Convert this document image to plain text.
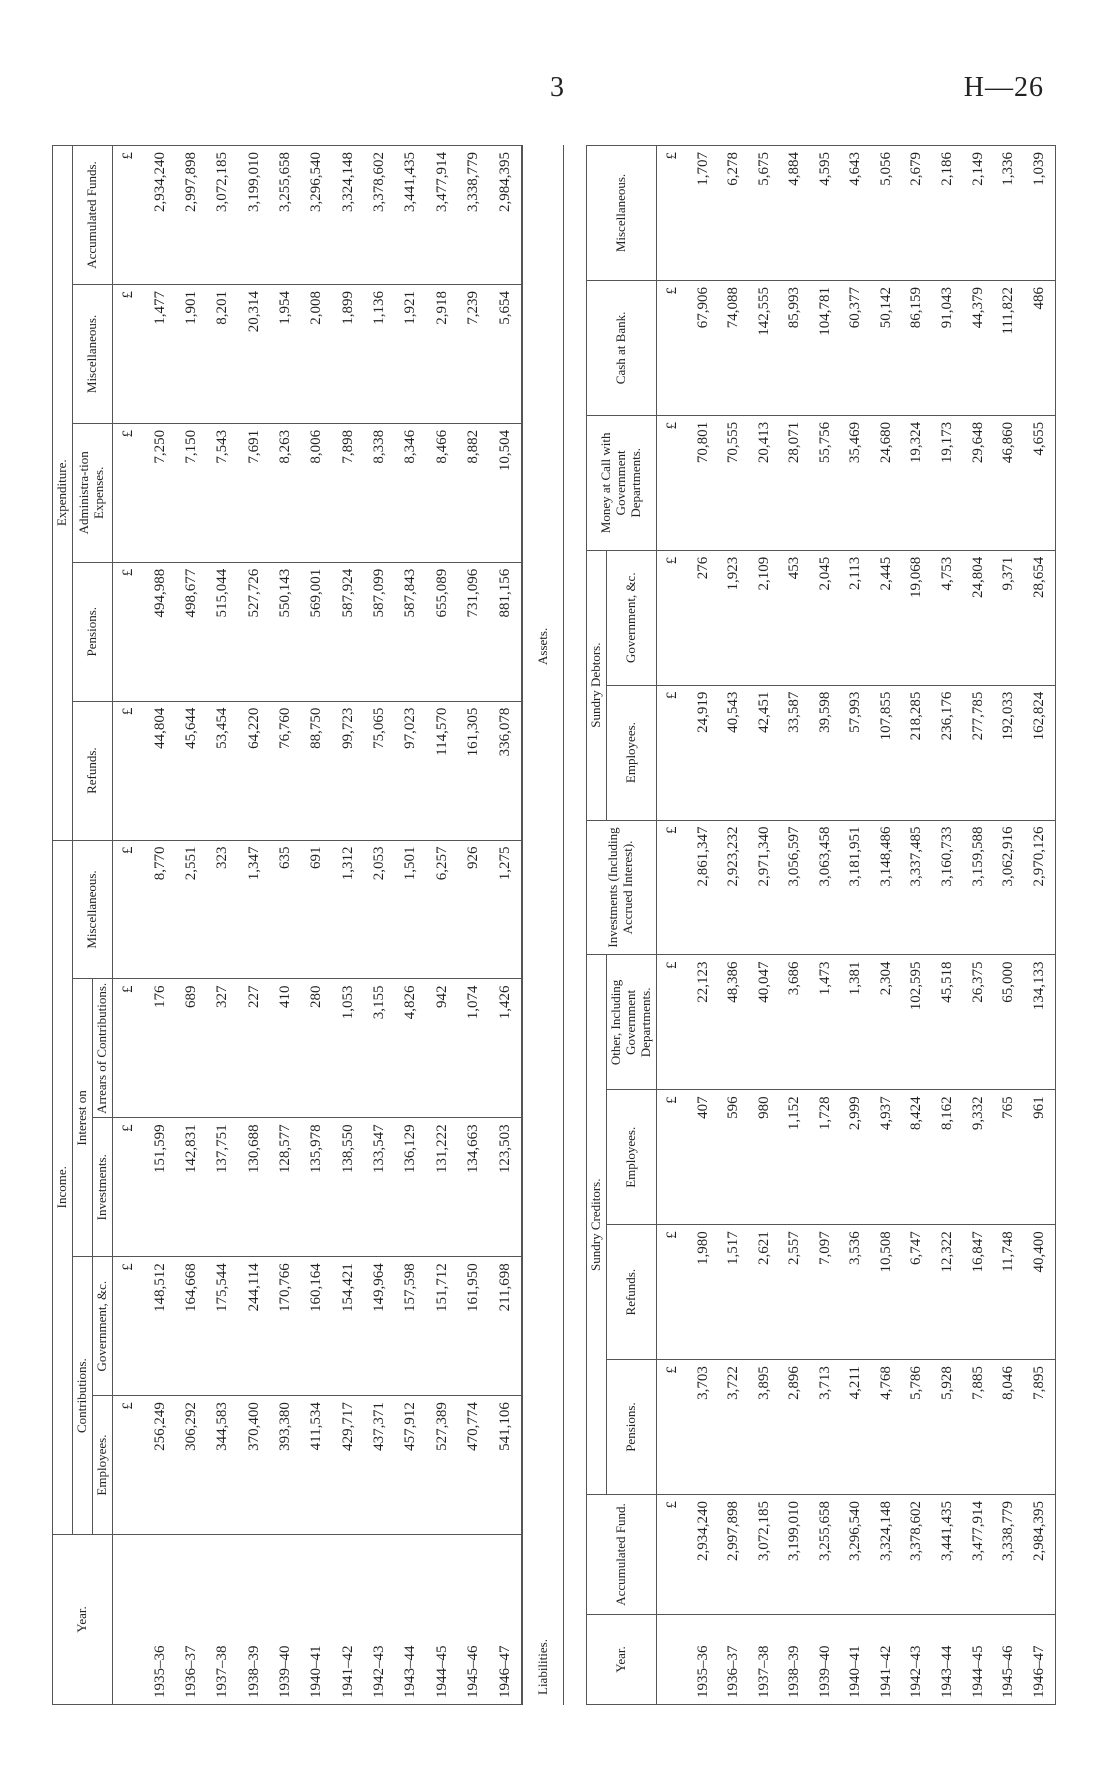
3	H—26
Year.	Income.					Expenditure.				
	Contributions.		Interest on		Miscellaneous.	Refunds.	Pensions.	Administra-tion Expenses.	Miscellaneous.	Accumulated Funds.
	Employees.	Government, &c.	Investments.	Arrears of Contributions.						
	£	£	£	£	£	£	£	£	£	£
1935–36	256,249	148,512	151,599	176	8,770	44,804	494,988	7,250	1,477	2,934,240
1936–37	306,292	164,668	142,831	689	2,551	45,644	498,677	7,150	1,901	2,997,898
1937–38	344,583	175,544	137,751	327	323	53,454	515,044	7,543	8,201	3,072,185
1938–39	370,400	244,114	130,688	227	1,347	64,220	527,726	7,691	20,314	3,199,010
1939–40	393,380	170,766	128,577	410	635	76,760	550,143	8,263	1,954	3,255,658
1940–41	411,534	160,164	135,978	280	691	88,750	569,001	8,006	2,008	3,296,540
1941–42	429,717	154,421	138,550	1,053	1,312	99,723	587,924	7,898	1,899	3,324,148
1942–43	437,371	149,964	133,547	3,155	2,053	75,065	587,099	8,338	1,136	3,378,602
1943–44	457,912	157,598	136,129	4,826	1,501	97,023	587,843	8,346	1,921	3,441,435
1944–45	527,389	151,712	131,222	942	6,257	114,570	655,089	8,466	2,918	3,477,914
1945–46	470,774	161,950	134,663	1,074	926	161,305	731,096	8,882	7,239	3,338,779
1946–47	541,106	211,698	123,503	1,426	1,275	336,078	881,156	10,504	5,654	2,984,395
Liabilities.
Assets.
Year.	Accumulated Fund.	Sundry Creditors.				Investments (Including Accrued Interest).	Sundry Debtors.		Money at Call with Government Departments.	Cash at Bank.	Miscellaneous.
		Pensions.	Refunds.	Employees.	Other, Including Government Departments.		Employees.	Government, &c.			
	£	£	£	£	£	£	£	£	£	£	£
1935–36	2,934,240	3,703	1,980	407	22,123	2,861,347	24,919	276	70,801	67,906	1,707
1936–37	2,997,898	3,722	1,517	596	48,386	2,923,232	40,543	1,923	70,555	74,088	6,278
1937–38	3,072,185	3,895	2,621	980	40,047	2,971,340	42,451	2,109	20,413	142,555	5,675
1938–39	3,199,010	2,896	2,557	1,152	3,686	3,056,597	33,587	453	28,071	85,993	4,884
1939–40	3,255,658	3,713	7,097	1,728	1,473	3,063,458	39,598	2,045	55,756	104,781	4,595
1940–41	3,296,540	4,211	3,536	2,999	1,381	3,181,951	57,993	2,113	35,469	60,377	4,643
1941–42	3,324,148	4,768	10,508	4,937	2,304	3,148,486	107,855	2,445	24,680	50,142	5,056
1942–43	3,378,602	5,786	6,747	8,424	102,595	3,337,485	218,285	19,068	19,324	86,159	2,679
1943–44	3,441,435	5,928	12,322	8,162	45,518	3,160,733	236,176	4,753	19,173	91,043	2,186
1944–45	3,477,914	7,885	16,847	9,332	26,375	3,159,588	277,785	24,804	29,648	44,379	2,149
1945–46	3,338,779	8,046	11,748	765	65,000	3,062,916	192,033	9,371	46,860	111,822	1,336
1946–47	2,984,395	7,895	40,400	961	134,133	2,970,126	162,824	28,654	4,655	486	1,039
